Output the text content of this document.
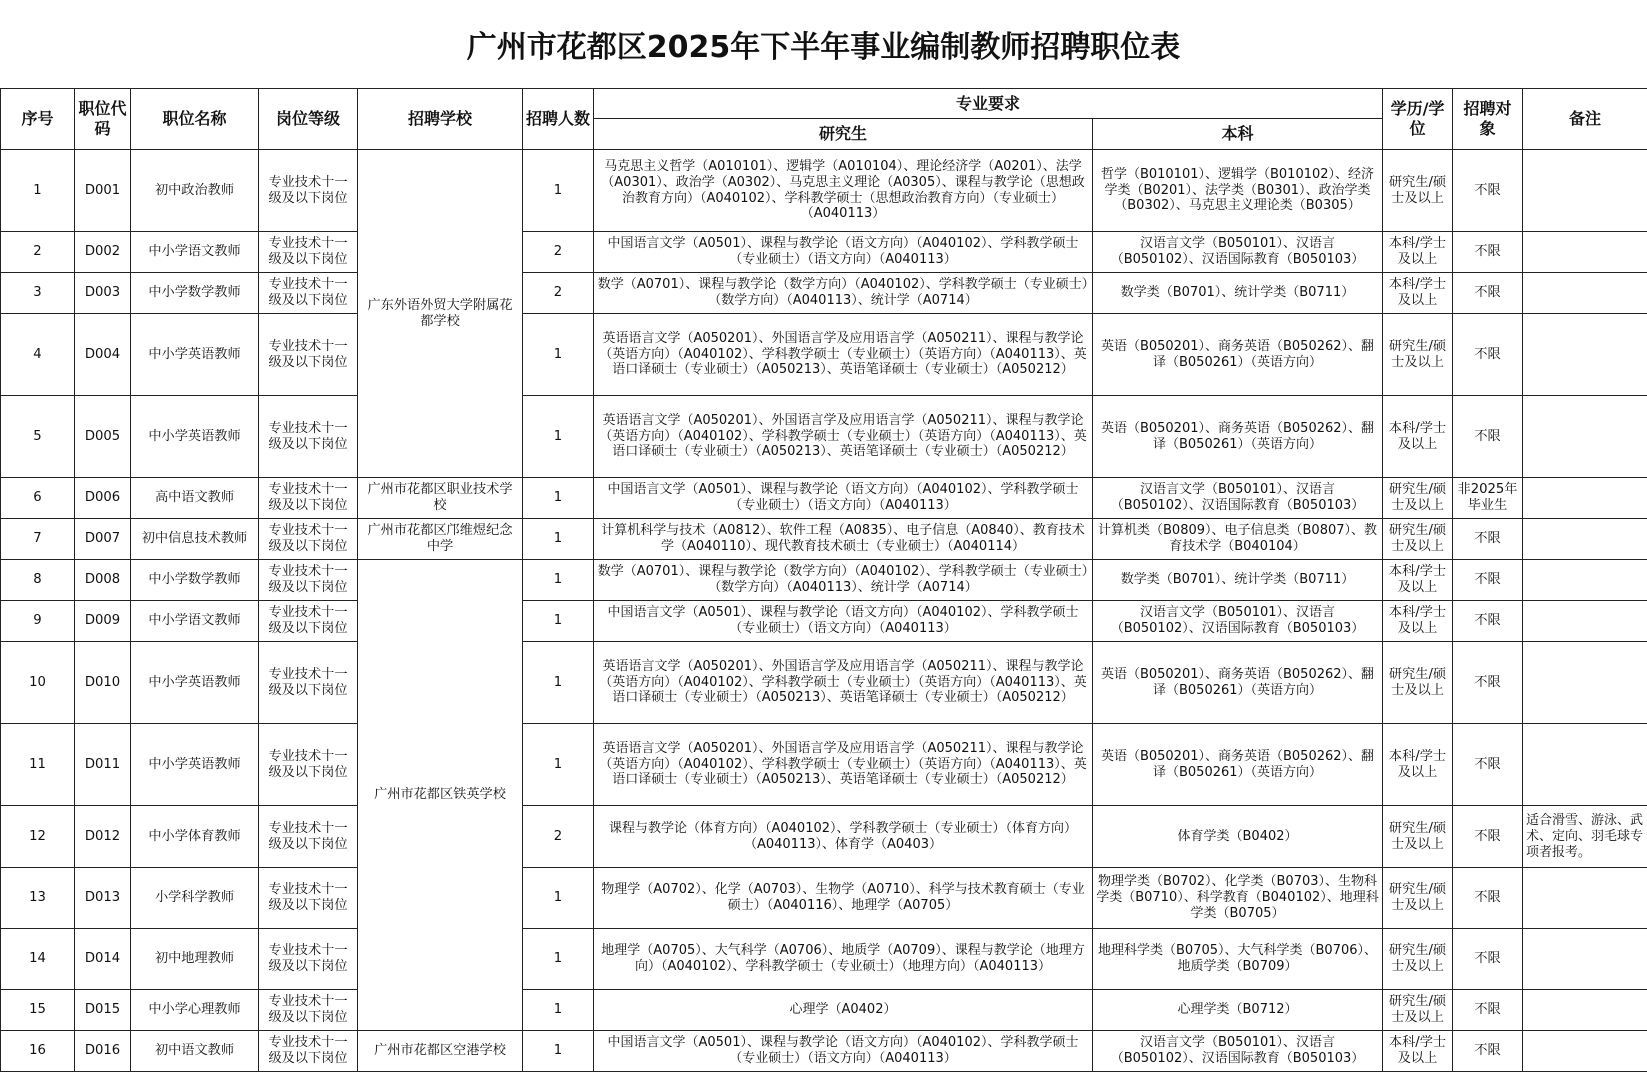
广州市花都区2025年下半年事业编制教师招聘职位表
序号	职位代码	职位名称	岗位等级	招聘学校	招聘人数	专业要求		学历/学位	招聘对象	备注
						研究生	本科			
1	D001	初中政治教师	专业技术十一级及以下岗位	广东外语外贸大学附属花都学校	1	马克思主义哲学（A010101）、逻辑学（A010104）、理论经济学（A0201）、法学（A0301）、政治学（A0302）、马克思主义理论（A0305）、课程与教学论（思想政治教育方向）（A040102）、学科教学硕士（思想政治教育方向）（专业硕士）（A040113）	哲学（B010101）、逻辑学（B010102）、经济学类（B0201）、法学类（B0301）、政治学类（B0302）、马克思主义理论类（B0305）	研究生/硕士及以上	不限	
2	D002	中小学语文教师	专业技术十一级及以下岗位		2	中国语言文学（A0501）、课程与教学论（语文方向）（A040102）、学科教学硕士（专业硕士）（语文方向）（A040113）	汉语言文学（B050101）、汉语言（B050102）、汉语国际教育（B050103）	本科/学士及以上	不限	
3	D003	中小学数学教师	专业技术十一级及以下岗位		2	数学（A0701）、课程与教学论（数学方向）（A040102）、学科教学硕士（专业硕士）（数学方向）（A040113）、统计学（A0714）	数学类（B0701）、统计学类（B0711）	本科/学士及以上	不限	
4	D004	中小学英语教师	专业技术十一级及以下岗位		1	英语语言文学（A050201）、外国语言学及应用语言学（A050211）、课程与教学论（英语方向）（A040102）、学科教学硕士（专业硕士）（英语方向）（A040113）、英语口译硕士（专业硕士）（A050213）、英语笔译硕士（专业硕士）（A050212）	英语（B050201）、商务英语（B050262）、翻译（B050261）（英语方向）	研究生/硕士及以上	不限	
5	D005	中小学英语教师	专业技术十一级及以下岗位		1	英语语言文学（A050201）、外国语言学及应用语言学（A050211）、课程与教学论（英语方向）（A040102）、学科教学硕士（专业硕士）（英语方向）（A040113）、英语口译硕士（专业硕士）（A050213）、英语笔译硕士（专业硕士）（A050212）	英语（B050201）、商务英语（B050262）、翻译（B050261）（英语方向）	本科/学士及以上	不限	
6	D006	高中语文教师	专业技术十一级及以下岗位	广州市花都区职业技术学校	1	中国语言文学（A0501）、课程与教学论（语文方向）（A040102）、学科教学硕士（专业硕士）（语文方向）（A040113）	汉语言文学（B050101）、汉语言（B050102）、汉语国际教育（B050103）	研究生/硕士及以上	非2025年毕业生	
7	D007	初中信息技术教师	专业技术十一级及以下岗位	广州市花都区邝维煜纪念中学	1	计算机科学与技术（A0812）、软件工程（A0835）、电子信息（A0840）、教育技术学（A040110）、现代教育技术硕士（专业硕士）（A040114）	计算机类（B0809）、电子信息类（B0807）、教育技术学（B040104）	研究生/硕士及以上	不限	
8	D008	中小学数学教师	专业技术十一级及以下岗位	广州市花都区铁英学校	1	数学（A0701）、课程与教学论（数学方向）（A040102）、学科教学硕士（专业硕士）（数学方向）（A040113）、统计学（A0714）	数学类（B0701）、统计学类（B0711）	本科/学士及以上	不限	
9	D009	中小学语文教师	专业技术十一级及以下岗位		1	中国语言文学（A0501）、课程与教学论（语文方向）（A040102）、学科教学硕士（专业硕士）（语文方向）（A040113）	汉语言文学（B050101）、汉语言（B050102）、汉语国际教育（B050103）	本科/学士及以上	不限	
10	D010	中小学英语教师	专业技术十一级及以下岗位		1	英语语言文学（A050201）、外国语言学及应用语言学（A050211）、课程与教学论（英语方向）（A040102）、学科教学硕士（专业硕士）（英语方向）（A040113）、英语口译硕士（专业硕士）（A050213）、英语笔译硕士（专业硕士）（A050212）	英语（B050201）、商务英语（B050262）、翻译（B050261）（英语方向）	研究生/硕士及以上	不限	
11	D011	中小学英语教师	专业技术十一级及以下岗位		1	英语语言文学（A050201）、外国语言学及应用语言学（A050211）、课程与教学论（英语方向）（A040102）、学科教学硕士（专业硕士）（英语方向）（A040113）、英语口译硕士（专业硕士）（A050213）、英语笔译硕士（专业硕士）（A050212）	英语（B050201）、商务英语（B050262）、翻译（B050261）（英语方向）	本科/学士及以上	不限	
12	D012	中小学体育教师	专业技术十一级及以下岗位		2	课程与教学论（体育方向）（A040102）、学科教学硕士（专业硕士）（体育方向）（A040113）、体育学（A0403）	体育学类（B0402）	研究生/硕士及以上	不限	适合滑雪、游泳、武术、定向、羽毛球专项者报考。
13	D013	小学科学教师	专业技术十一级及以下岗位		1	物理学（A0702）、化学（A0703）、生物学（A0710）、科学与技术教育硕士（专业硕士）（A040116）、地理学（A0705）	物理学类（B0702）、化学类（B0703）、生物科学类（B0710）、科学教育（B040102）、地理科学类（B0705）	研究生/硕士及以上	不限	
14	D014	初中地理教师	专业技术十一级及以下岗位		1	地理学（A0705）、大气科学（A0706）、地质学（A0709）、课程与教学论（地理方向）（A040102）、学科教学硕士（专业硕士）（地理方向）（A040113）	地理科学类（B0705）、大气科学类（B0706）、地质学类（B0709）	研究生/硕士及以上	不限	
15	D015	中小学心理教师	专业技术十一级及以下岗位		1	心理学（A0402）	心理学类（B0712）	研究生/硕士及以上	不限	
16	D016	初中语文教师	专业技术十一级及以下岗位	广州市花都区空港学校	1	中国语言文学（A0501）、课程与教学论（语文方向）（A040102）、学科教学硕士（专业硕士）（语文方向）（A040113）	汉语言文学（B050101）、汉语言（B050102）、汉语国际教育（B050103）	本科/学士及以上	不限	
